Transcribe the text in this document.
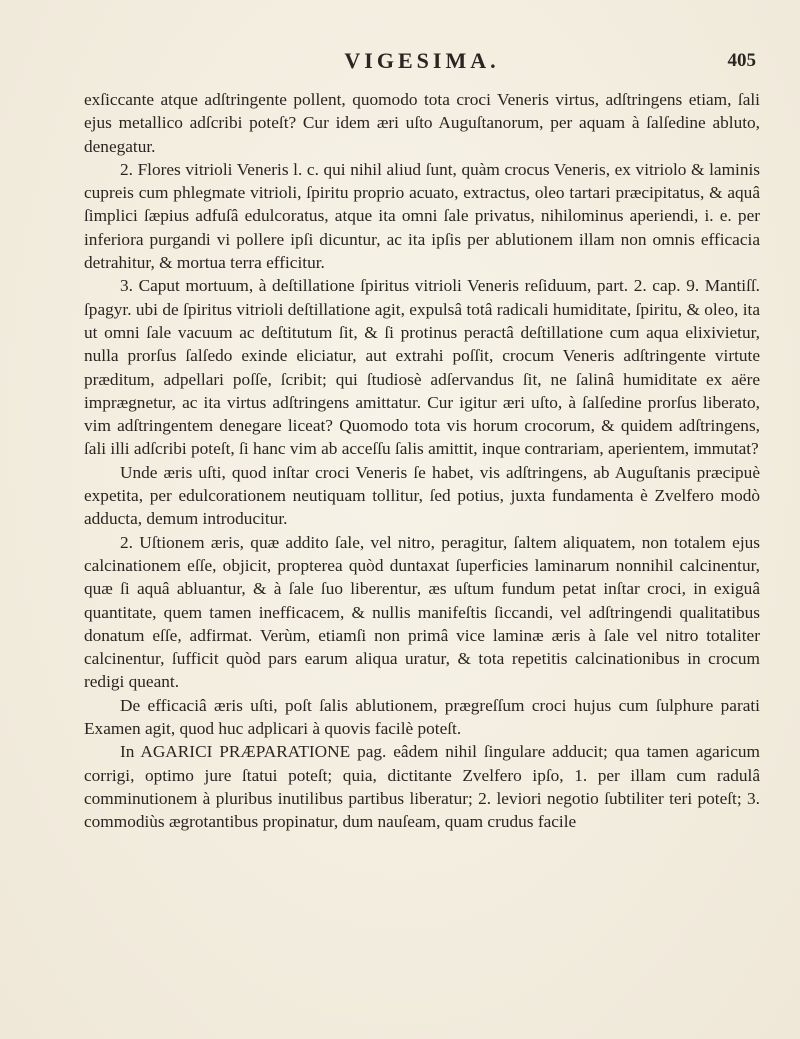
VIGESIMA.	405

exſiccante atque adſtringente pollent, quomodo tota croci Veneris virtus, adſtringens etiam, ſali ejus metallico adſcribi poteſt? Cur idem æri uſto Auguſtanorum, per aquam à ſalſedine abluto, denegatur.

2. Flores vitrioli Veneris l. c. qui nihil aliud ſunt, quàm crocus Veneris, ex vitriolo & laminis cupreis cum phlegmate vitrioli, ſpiritu proprio acuato, extractus, oleo tartari præcipitatus, & aquâ ſimplici ſæpius adfuſâ edulcoratus, atque ita omni ſale privatus, nihilominus aperiendi, i. e. per inferiora purgandi vi pollere ipſi dicuntur, ac ita ipſis per ablutionem illam non omnis efficacia detrahitur, & mortua terra efficitur.

3. Caput mortuum, à deſtillatione ſpiritus vitrioli Veneris reſiduum, part. 2. cap. 9. Mantiſſ. ſpagyr. ubi de ſpiritus vitrioli deſtillatione agit, expulsâ totâ radicali humiditate, ſpiritu, & oleo, ita ut omni ſale vacuum ac deſtitutum ſit, & ſi protinus peractâ deſtillatione cum aqua elixivietur, nulla prorſus ſalſedo exinde eliciatur, aut extrahi poſſit, crocum Veneris adſtringente virtute præditum, adpellari poſſe, ſcribit; qui ſtudiosè adſervandus ſit, ne ſalinâ humiditate ex aëre imprægnetur, ac ita virtus adſtringens amittatur. Cur igitur æri uſto, à ſalſedine prorſus liberato, vim adſtringentem denegare liceat? Quomodo tota vis horum crocorum, & quidem adſtringens, ſali illi adſcribi poteſt, ſi hanc vim ab acceſſu ſalis amittit, inque contrariam, aperientem, immutat?

Unde æris uſti, quod inſtar croci Veneris ſe habet, vis adſtringens, ab Auguſtanis præcipuè expetita, per edulcorationem neutiquam tollitur, ſed potius, juxta fundamenta è Zvelfero modò adducta, demum introducitur.

2. Uſtionem æris, quæ addito ſale, vel nitro, peragitur, ſaltem aliquatem, non totalem ejus calcinationem eſſe, objicit, propterea quòd duntaxat ſuperficies laminarum nonnihil calcinentur, quæ ſi aquâ abluantur, & à ſale ſuo liberentur, æs uſtum fundum petat inſtar croci, in exiguâ quantitate, quem tamen inefficacem, & nullis manifeſtis ſiccandi, vel adſtringendi qualitatibus donatum eſſe, adfirmat. Verùm, etiamſi non primâ vice laminæ æris à ſale vel nitro totaliter calcinentur, ſufficit quòd pars earum aliqua uratur, & tota repetitis calcinationibus in crocum redigi queant.

De efficaciâ æris uſti, poſt ſalis ablutionem, prægreſſum croci hujus cum ſulphure parati Examen agit, quod huc adplicari à quovis facilè poteſt.

In AGARICI PRÆPARATIONE pag. eâdem nihil ſingulare adducit; qua tamen agaricum corrigi, optimo jure ſtatui poteſt; quia, dictitante Zvelfero ipſo, 1. per illam cum radulâ comminutionem à pluribus inutilibus partibus liberatur; 2. leviori negotio ſubtiliter teri poteſt; 3. commodiùs ægrotantibus propinatur, dum nauſeam, quam crudus facile
